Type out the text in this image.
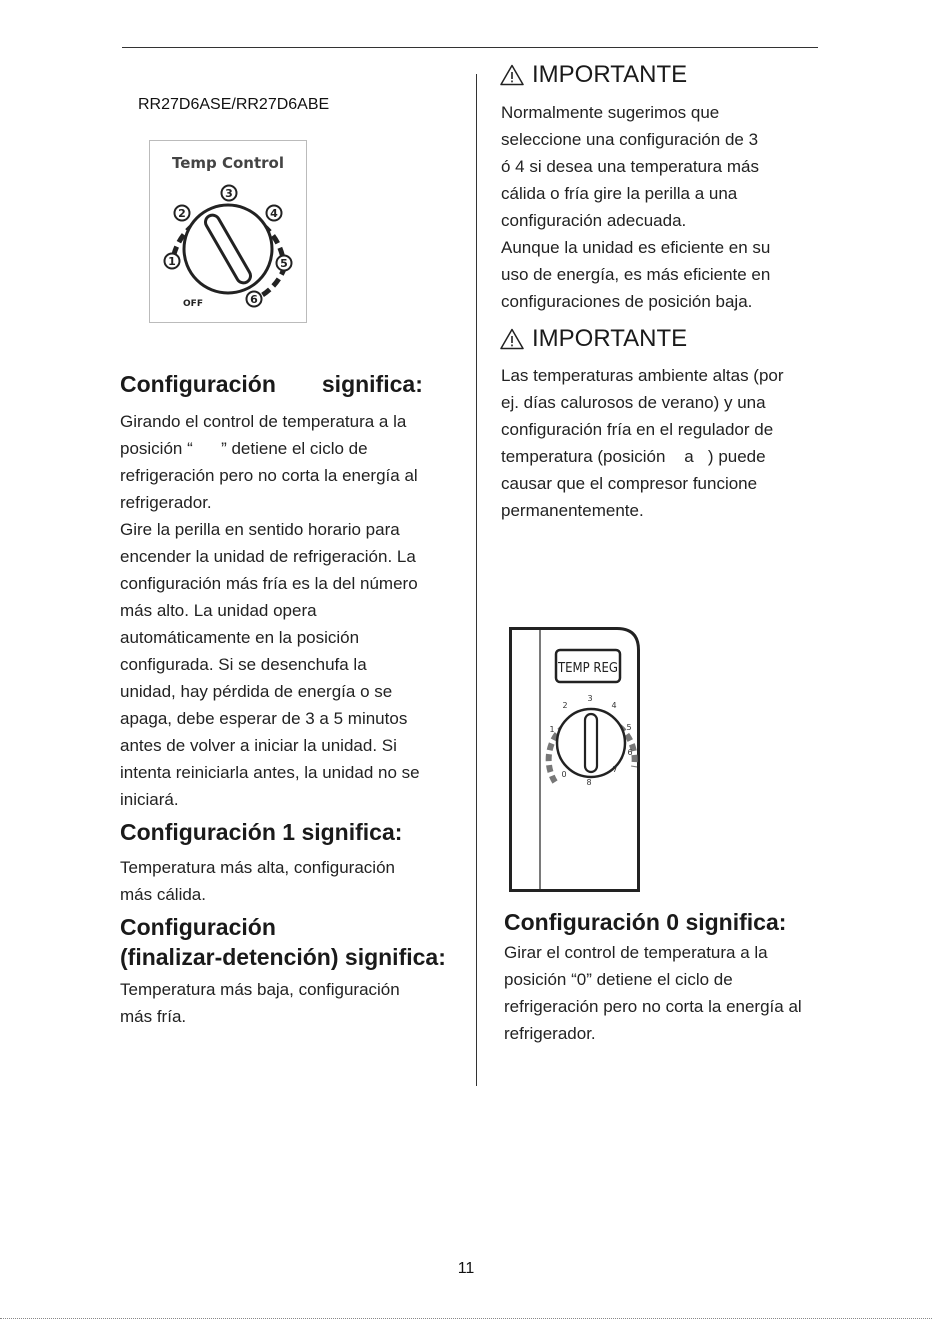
RR27D6ASE/RR27D6ABE
Temp Control
1
2
3
4
5
6
OFF
Configuración significa:

Girando el control de temperatura a la

posición “      ” detiene el ciclo de

refrigeración pero no corta la energía al

refrigerador.

Gire la perilla en sentido horario para

encender la unidad de refrigeración. La

configuración más fría es la del número

más alto. La unidad opera

automáticamente en la posición

configurada. Si se desenchufa la

unidad, hay pérdida de energía o se

apaga, debe esperar de 3 a 5 minutos

antes de volver a iniciar la unidad. Si

intenta reiniciarla antes, la unidad no se

iniciará.

Configuración 1 significa:

Temperatura más alta, configuración

más cálida.

Configuración
(finalizar-detención) significa:

Temperatura más baja, configuración

más fría.

IMPORTANTE

Normalmente sugerimos que

seleccione una configuración de 3

ó 4 si desea una temperatura más

cálida o fría gire la perilla a una

configuración adecuada.

Aunque la unidad es eficiente en su

uso de energía, es más eficiente en

configuraciones de posición baja.

IMPORTANTE

Las temperaturas ambiente altas (por

ej. días calurosos de verano) y una

configuración fría en el regulador de

temperatura (posición    a   ) puede

causar que el compresor funcione

permanentemente.

TEMP REG
0
1
2
3
4
5
6
7
8
Configuración 0 significa:

Girar el control de temperatura a la

posición “0” detiene el ciclo de

refrigeración pero no corta la energía al

refrigerador.

11
